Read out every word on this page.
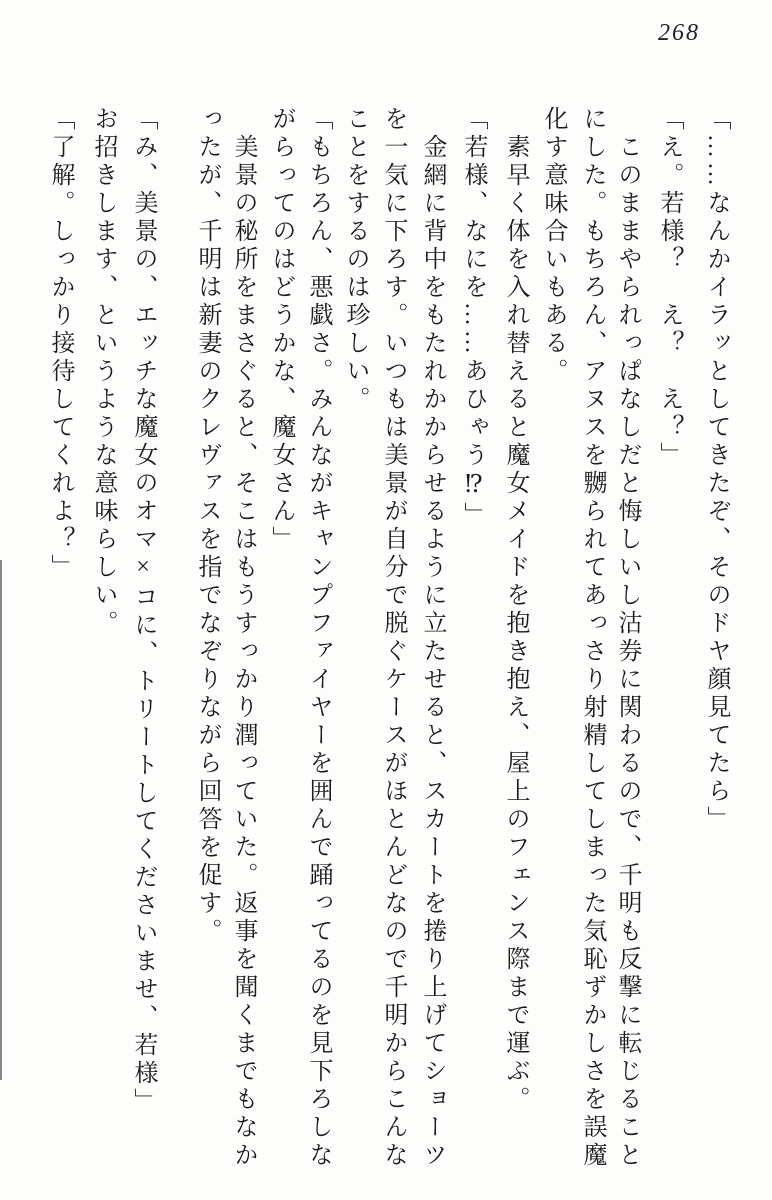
268
「……なんかイラッとしてきたぞ、そのドヤ顔見てたら」
「え。若様？　え？　え？」
このままやられっぱなしだと悔しいし沽券に関わるので、千明も反撃に転じること
にした。もちろん、アヌスを嬲られてあっさり射精してしまった気恥ずかしさを誤魔
化す意味合いもある。
素早く体を入れ替えると魔女メイドを抱き抱え、屋上のフェンス際まで運ぶ。
「若様、なにを……あひゃう⁉」
金網に背中をもたれかからせるように立たせると、スカートを捲り上げてショーツ
を一気に下ろす。いつもは美景が自分で脱ぐケースがほとんどなので千明からこんな
ことをするのは珍しい。
「もちろん、悪戯さ。みんながキャンプファイヤーを囲んで踊ってるのを見下ろしな
がらってのはどうかな、魔女さん」
美景の秘所をまさぐると、そこはもうすっかり潤っていた。返事を聞くまでもなか
ったが、千明は新妻のクレヴァスを指でなぞりながら回答を促す。
「み、美景の、エッチな魔女のオマ×コに、トリートしてくださいませ、若様」
お招きします、というような意味らしい。
「了解。しっかり接待してくれよ？」
